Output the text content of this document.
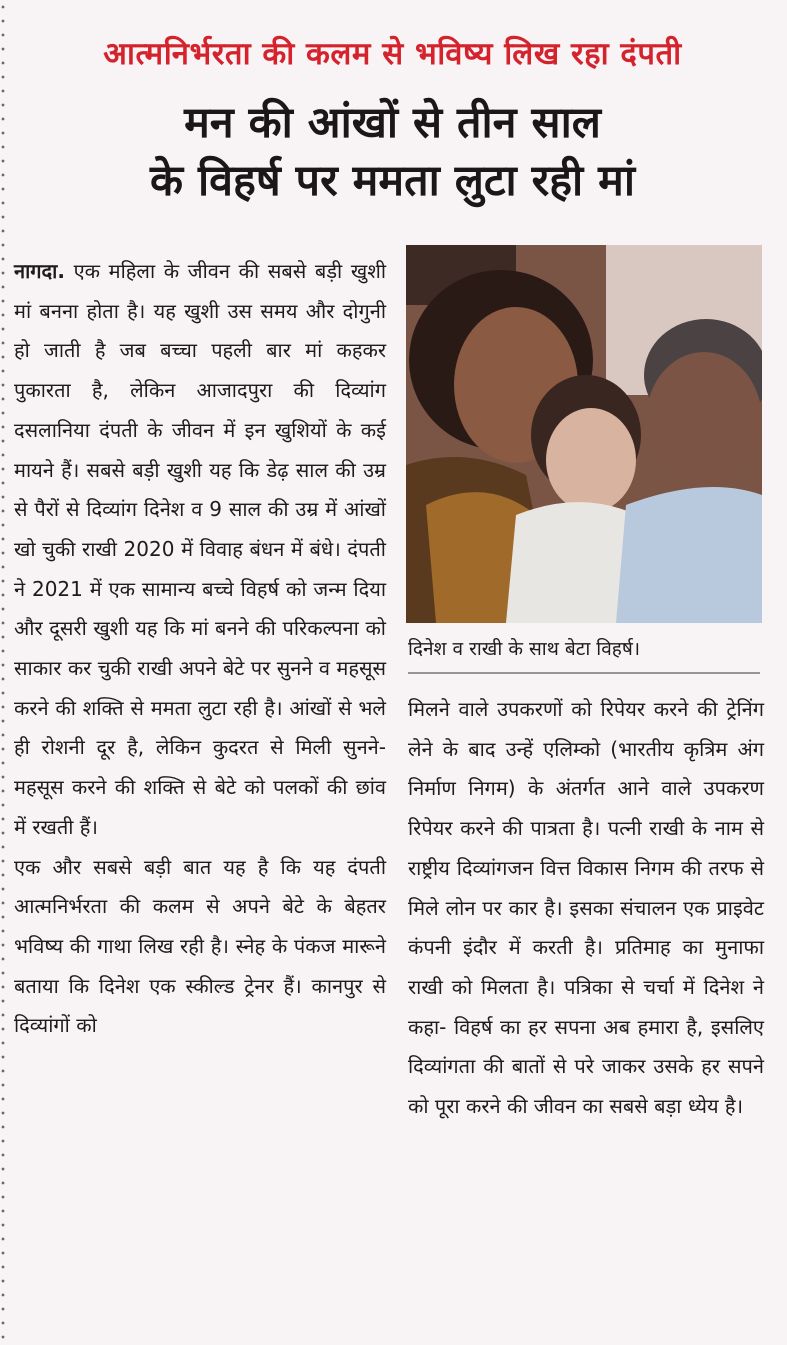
आत्मनिर्भरता की कलम से भविष्य लिख रहा दंपती
मन की आंखों से तीन साल
के विहर्ष पर ममता लुटा रही मां

नागदा. एक महिला के जीवन की सबसे बड़ी खुशी मां बनना होता है। यह खुशी उस समय और दोगुनी हो जाती है जब बच्चा पहली बार मां कहकर पुकारता है, लेकिन आजादपुरा की दिव्यांग दसलानिया दंपती के जीवन में इन खुशियों के कई मायने हैं। सबसे बड़ी खुशी यह कि डेढ़ साल की उम्र से पैरों से दिव्यांग दिनेश व 9 साल की उम्र में आंखों खो चुकी राखी 2020 में विवाह बंधन में बंधे। दंपती ने 2021 में एक सामान्य बच्चे विहर्ष को जन्म दिया और दूसरी खुशी यह कि मां बनने की परिकल्पना को साकार कर चुकी राखी अपने बेटे पर सुनने व महसूस करने की शक्ति से ममता लुटा रही है। आंखों से भले ही रोशनी दूर है, लेकिन कुदरत से मिली सुनने-महसूस करने की शक्ति से बेटे को पलकों की छांव में रखती हैं।

एक और सबसे बड़ी बात यह है कि यह दंपती आत्मनिर्भरता की कलम से अपने बेटे के बेहतर भविष्य की गाथा लिख रही है। स्नेह के पंकज मारूने बताया कि दिनेश एक स्कील्ड ट्रेनर हैं। कानपुर से दिव्यांगों को

दिनेश व राखी के साथ बेटा विहर्ष।

मिलने वाले उपकरणों को रिपेयर करने की ट्रेनिंग लेने के बाद उन्हें एलिम्को (भारतीय कृत्रिम अंग निर्माण निगम) के अंतर्गत आने वाले उपकरण रिपेयर करने की पात्रता है। पत्नी राखी के नाम से राष्ट्रीय दिव्यांगजन वित्त विकास निगम की तरफ से मिले लोन पर कार है। इसका संचालन एक प्राइवेट कंपनी इंदौर में करती है। प्रतिमाह का मुनाफा राखी को मिलता है। पत्रिका से चर्चा में दिनेश ने कहा- विहर्ष का हर सपना अब हमारा है, इसलिए दिव्यांगता की बातों से परे जाकर उसके हर सपने को पूरा करने की जीवन का सबसे बड़ा ध्येय है।
